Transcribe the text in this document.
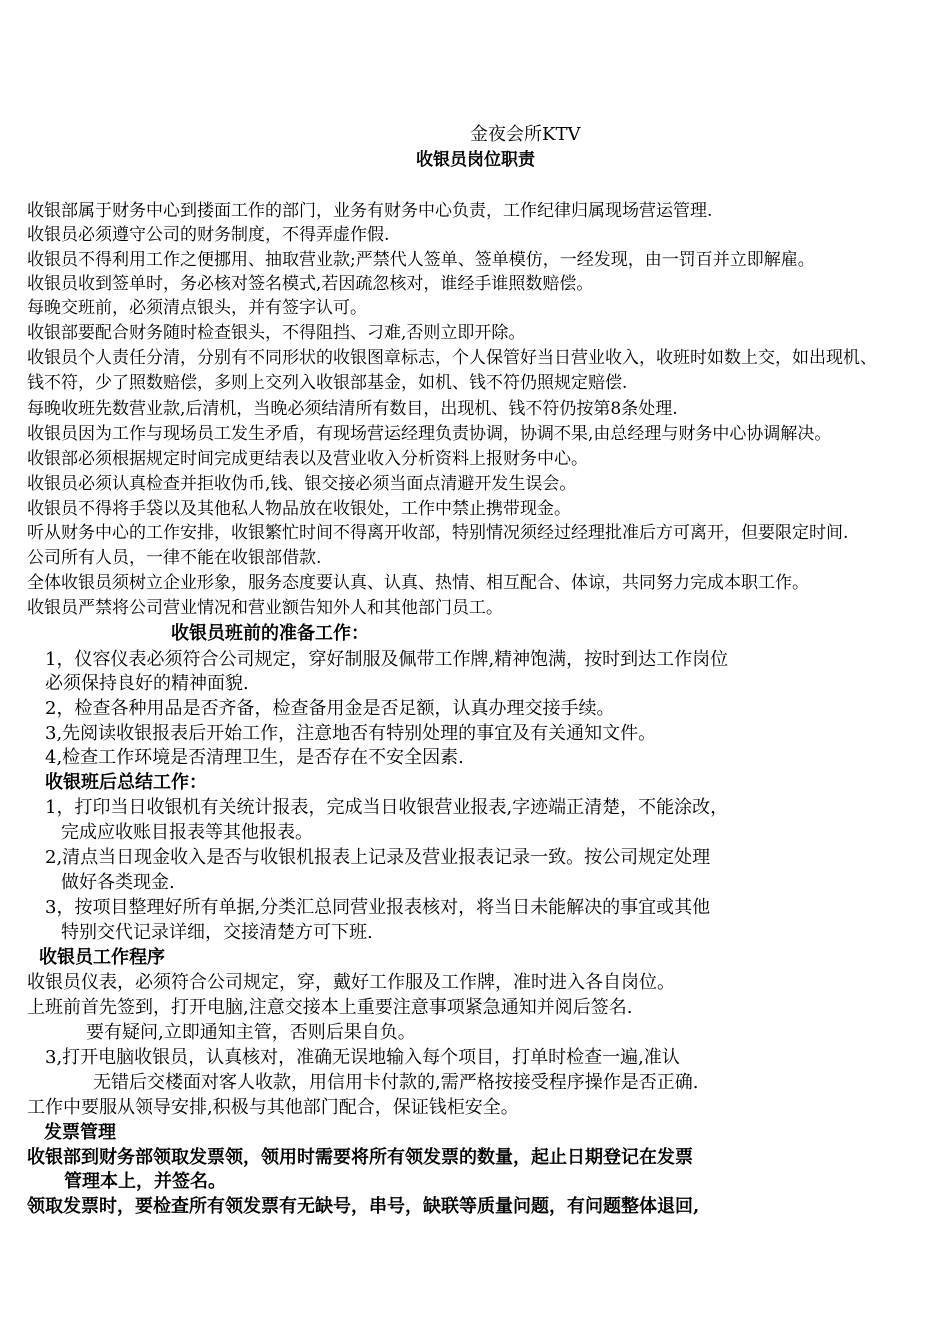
金夜会所KTV
收银员岗位职责
收银部属于财务中心到搂面工作的部门，业务有财务中心负责，工作纪律归属现场营运管理.
收银员必须遵守公司的财务制度，不得弄虚作假.
收银员不得利用工作之便挪用、抽取营业款;严禁代人签单、签单模仿，一经发现，由一罚百并立即解雇。
收银员收到签单时，务必核对签名模式,若因疏忽核对，谁经手谁照数赔偿。
每晚交班前，必须清点银头，并有签字认可。
收银部要配合财务随时检查银头，不得阻挡、刁难,否则立即开除。
收银员个人责任分清，分别有不同形状的收银图章标志，个人保管好当日营业收入，收班时如数上交，如出现机、
钱不符，少了照数赔偿，多则上交列入收银部基金，如机、钱不符仍照规定赔偿.
每晚收班先数营业款,后清机，当晚必须结清所有数目，出现机、钱不符仍按第8条处理.
收银员因为工作与现场员工发生矛盾，有现场营运经理负责协调，协调不果,由总经理与财务中心协调解决。
收银部必须根据规定时间完成更结表以及营业收入分析资料上报财务中心。
收银员必须认真检查并拒收伪币,钱、银交接必须当面点清避开发生误会。
收银员不得将手袋以及其他私人物品放在收银处，工作中禁止携带现金。
听从财务中心的工作安排，收银繁忙时间不得离开收部，特别情况须经过经理批准后方可离开，但要限定时间.
公司所有人员，一律不能在收银部借款.
全体收银员须树立企业形象，服务态度要认真、认真、热情、相互配合、体谅，共同努力完成本职工作。
收银员严禁将公司营业情况和营业额告知外人和其他部门员工。
收银员班前的准备工作：
1，仪容仪表必须符合公司规定，穿好制服及佩带工作牌,精神饱满，按时到达工作岗位
必须保持良好的精神面貌.
2，检查各种用品是否齐备，检查备用金是否足额，认真办理交接手续。
3,先阅读收银报表后开始工作，注意地否有特别处理的事宜及有关通知文件。
4,检查工作环境是否清理卫生，是否存在不安全因素.
收银班后总结工作：
1，打印当日收银机有关统计报表，完成当日收银营业报表,字迹端正清楚，不能涂改，
完成应收账目报表等其他报表。
2,清点当日现金收入是否与收银机报表上记录及营业报表记录一致。按公司规定处理
做好各类现金.
3，按项目整理好所有单据,分类汇总同营业报表核对，将当日未能解决的事宜或其他
特别交代记录详细，交接清楚方可下班.
收银员工作程序
收银员仪表，必须符合公司规定，穿，戴好工作服及工作牌，准时进入各自岗位。
上班前首先签到，打开电脑,注意交接本上重要注意事项紧急通知并阅后签名.
要有疑问,立即通知主管，否则后果自负。
3,打开电脑收银员，认真核对，准确无误地输入每个项目，打单时检查一遍,准认
无错后交楼面对客人收款，用信用卡付款的,需严格按接受程序操作是否正确.
工作中要服从领导安排,积极与其他部门配合，保证钱柜安全。
发票管理
收银部到财务部领取发票领，领用时需要将所有领发票的数量，起止日期登记在发票
管理本上，并签名。
领取发票时，要检查所有领发票有无缺号，串号，缺联等质量问题，有问题整体退回,
